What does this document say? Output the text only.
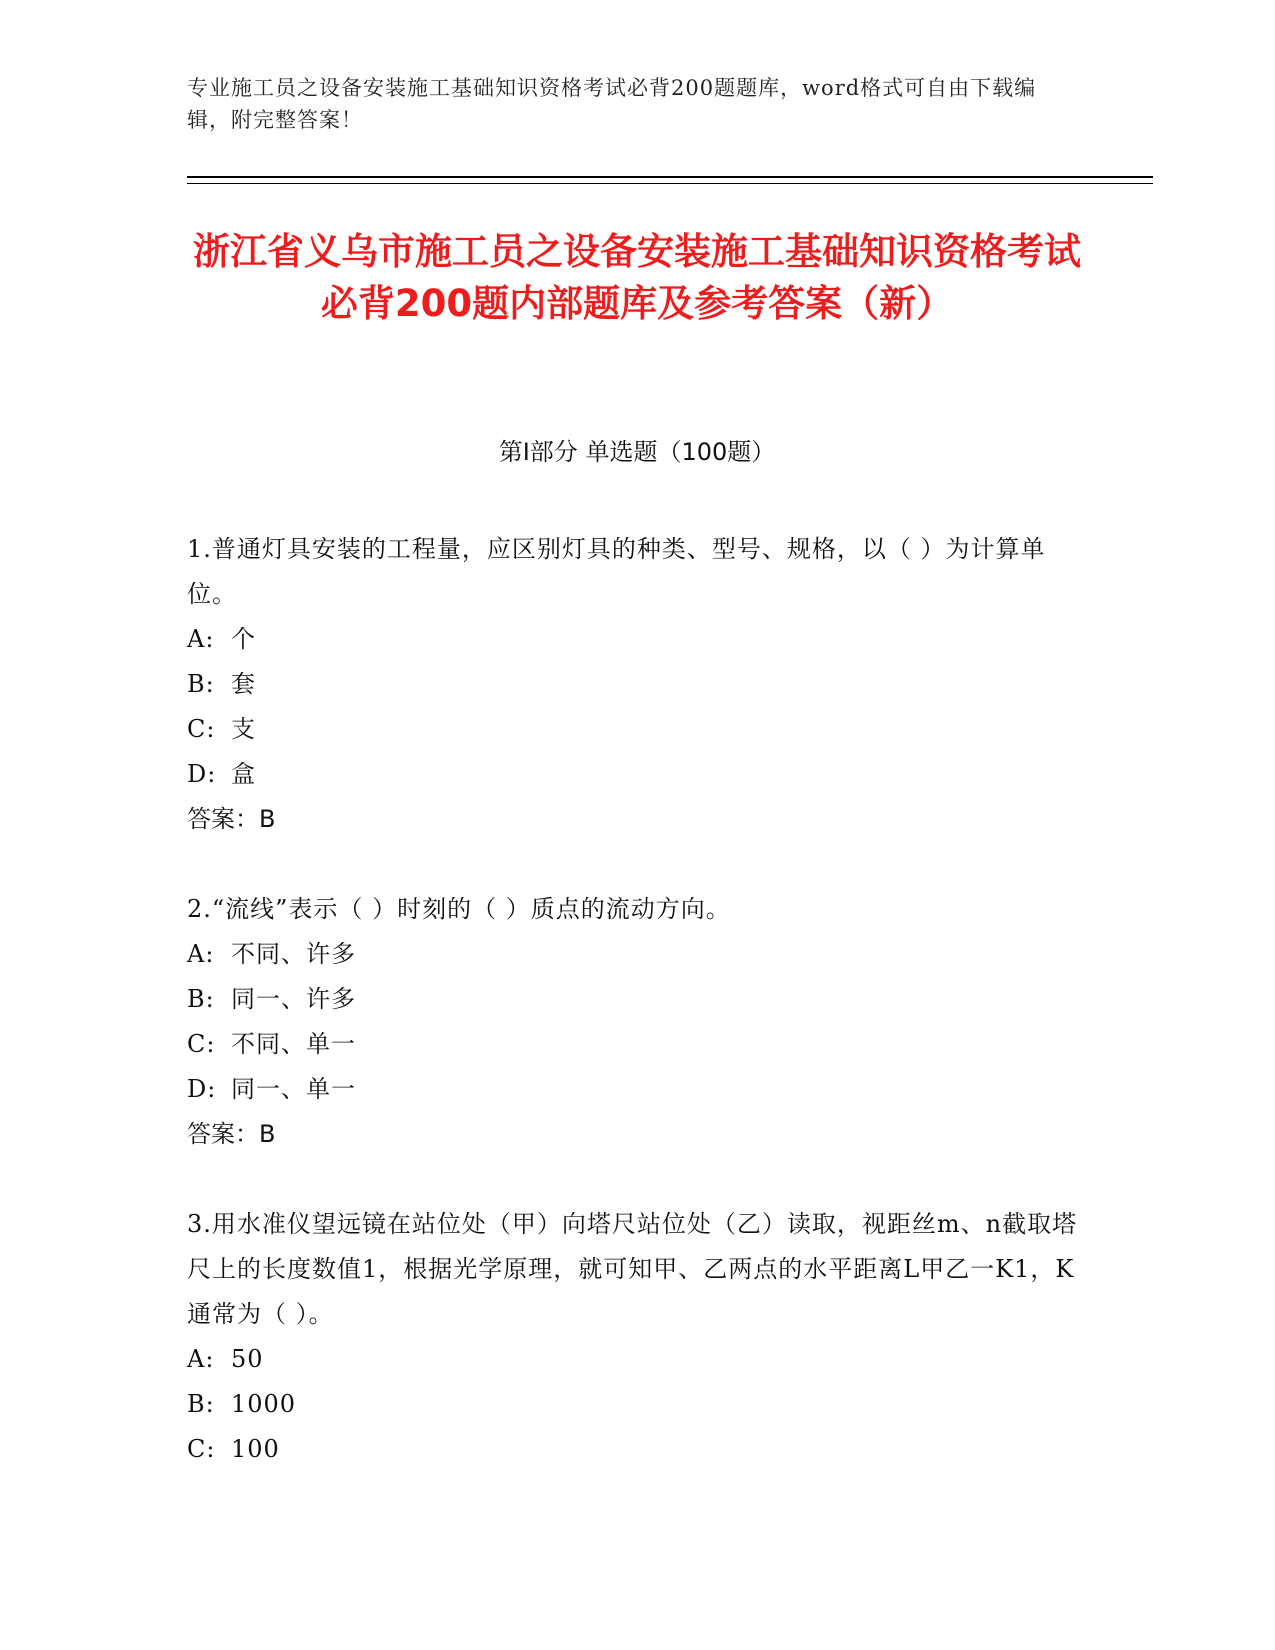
专业施工员之设备安装施工基础知识资格考试必背200题题库，word格式可自由下载编辑，附完整答案！
浙江省义乌市施工员之设备安装施工基础知识资格考试必背200题内部题库及参考答案（新）
第I部分 单选题（100题）
1.普通灯具安装的工程量，应区别灯具的种类、型号、规格，以（ ）为计算单位。
A: 个
B: 套
C: 支
D: 盒
答案：B
2.“流线”表示（ ）时刻的（ ）质点的流动方向。
A: 不同、许多
B: 同一、许多
C: 不同、单一
D: 同一、单一
答案：B
3.用水准仪望远镜在站位处（甲）向塔尺站位处（乙）读取，视距丝m、n截取塔尺上的长度数值1，根据光学原理，就可知甲、乙两点的水平距离L甲乙一K1，K通常为（ ）。
A: 50
B: 1000
C: 100
